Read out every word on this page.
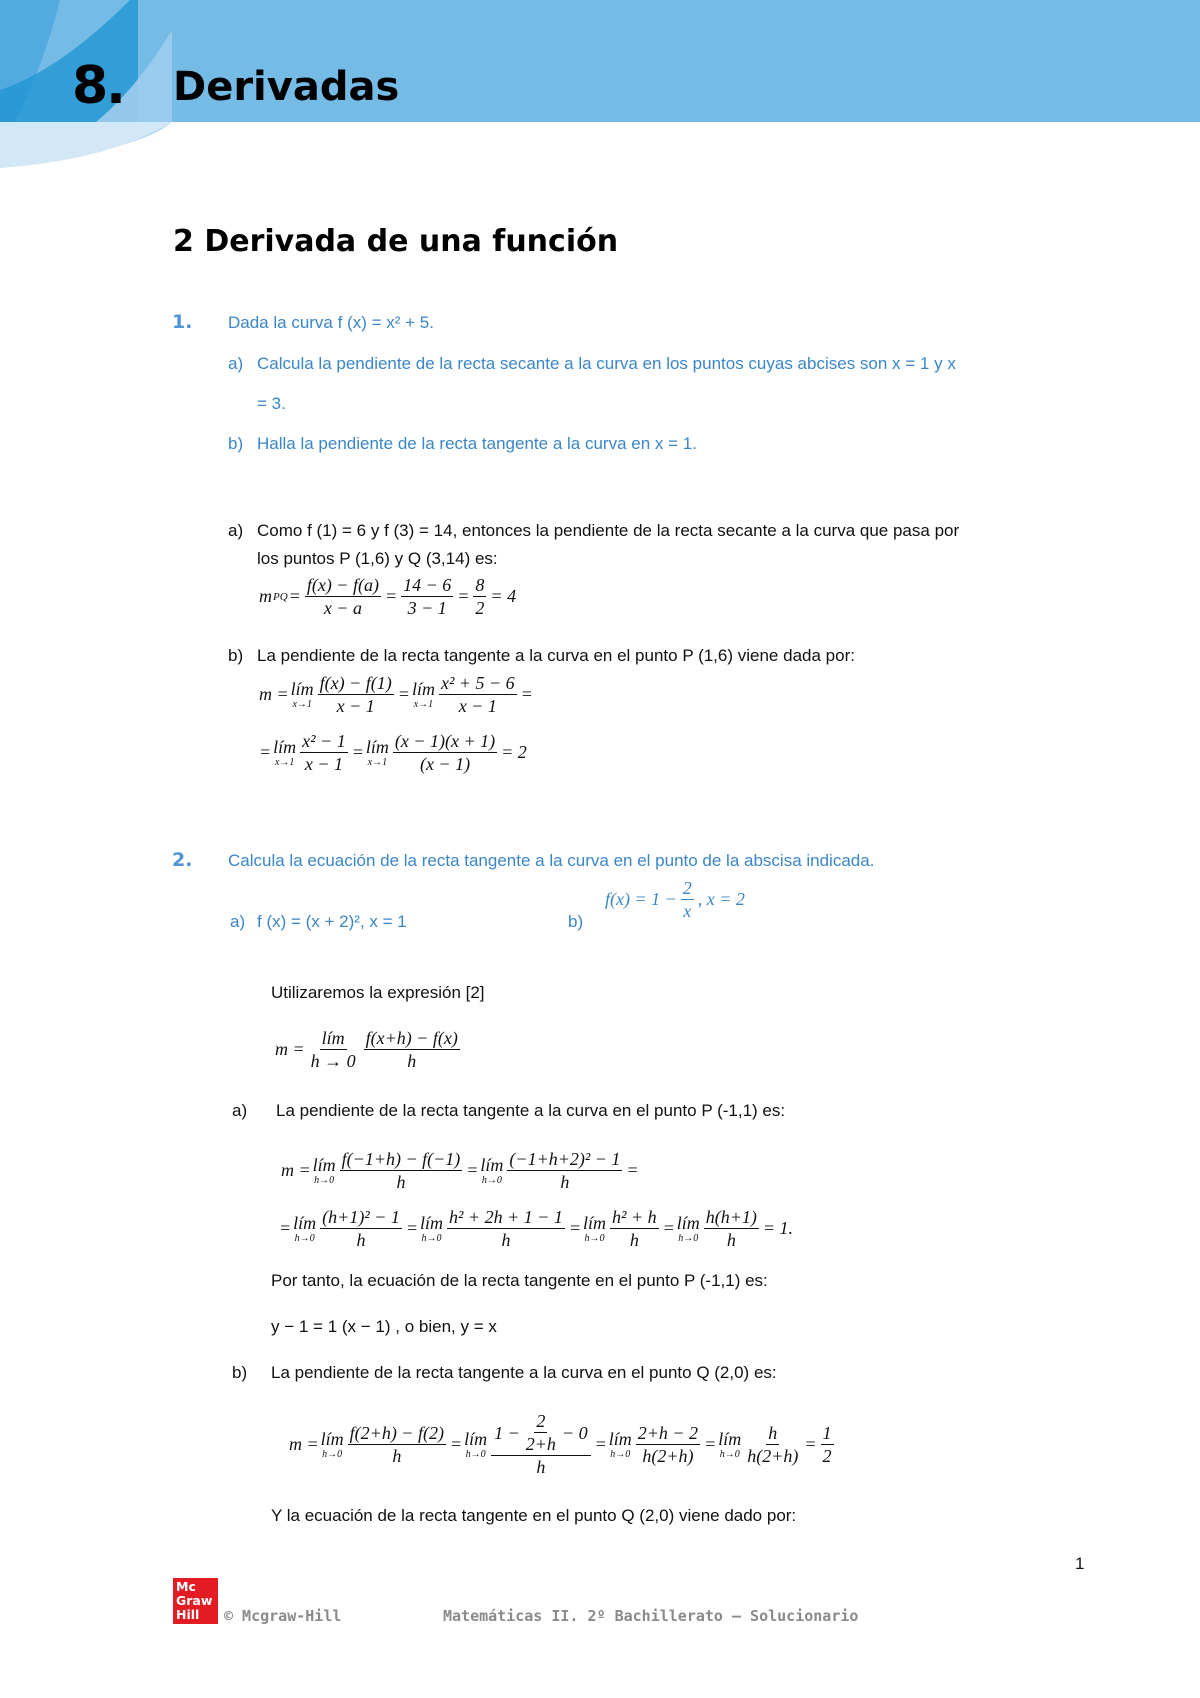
8. Derivadas
2 Derivada de una función
1. Dada la curva f (x) = x² + 5.
a) Calcula la pendiente de la recta secante a la curva en los puntos cuyas abcises son x = 1 y x
= 3.
b) Halla la pendiente de la recta tangente a la curva en x = 1.
a) Como f (1) = 6 y f (3) = 14, entonces la pendiente de la recta secante a la curva que pasa por
los puntos P (1,6) y Q (3,14) es:
m PQ = $\frac{f(x) - f(a)}{x - a} = \frac{14 - 6}{3 - 1} = \frac{8}{2} = 4$
b) La pendiente de la recta tangente a la curva en el punto P (1,6) viene dada por:
m = lím
$x\to 1 \frac{f(x) - f(1)}{x - 1}$ = lím
$x\to 1 \frac{\text{x² + 5 − 6}}{x - 1}$ =
= lím
$x\to 1 \frac{\text{x² − 1}}{x - 1}$ = lím
$x\to 1 \frac{(x - 1)(x + 1)}{(x - 1)} = 2$
2. Calcula la ecuación de la recta tangente a la curva en el punto de la abscisa indicada.
a) f (x) = (x + 2)², x = 1	b)
$f(x) = 1 - \frac{2}{x}$ , x = 2
Utilizaremos la expresión [2]
$m = \frac{\text{lím}}{h \to 0} \frac{f(x+h) - f(x)}{h}$
a) La pendiente de la recta tangente a la curva en el punto P (-1,1) es:
m = lím
$h\to 0 \frac{f(-1+h) - f(-1)}{h}$ = lím
$h\to 0 \frac{\text{(−1+h+2)² − 1}}{h}$ =
= lím
$h\to 0 \frac{\text{(h+1)² − 1}}{h}$ = lím
$h\to 0 \frac{\text{h² + 2h + 1 − 1}}{h}$ = lím
$h\to 0 \frac{\text{h² + h}}{h}$ = lím
$h\to 0 \frac{h(h+1)}{h} = 1$.
Por tanto, la ecuación de la recta tangente en el punto P (-1,1) es:
y − 1 = 1 (x − 1) , o bien, y = x
b) La pendiente de la recta tangente a la curva en el punto Q (2,0) es:
m = lím
$h\to 0 \frac{f(2+h) - f(2)}{h}$ = lím
$h\to 0 \frac{1 - \frac{2}{2+h} - 0}{h}$ = lím
$h\to 0 \frac{2+h - 2}{h(2+h)}$ = lím
$h\to 0 \frac{h}{h(2+h)} = \frac{1}{2}$
Y la ecuación de la recta tangente en el punto Q (2,0) viene dado por:
1
Mc
Graw
Hill	© Mcgraw-Hill	Matemáticas II. 2º Bachillerato – Solucionario
